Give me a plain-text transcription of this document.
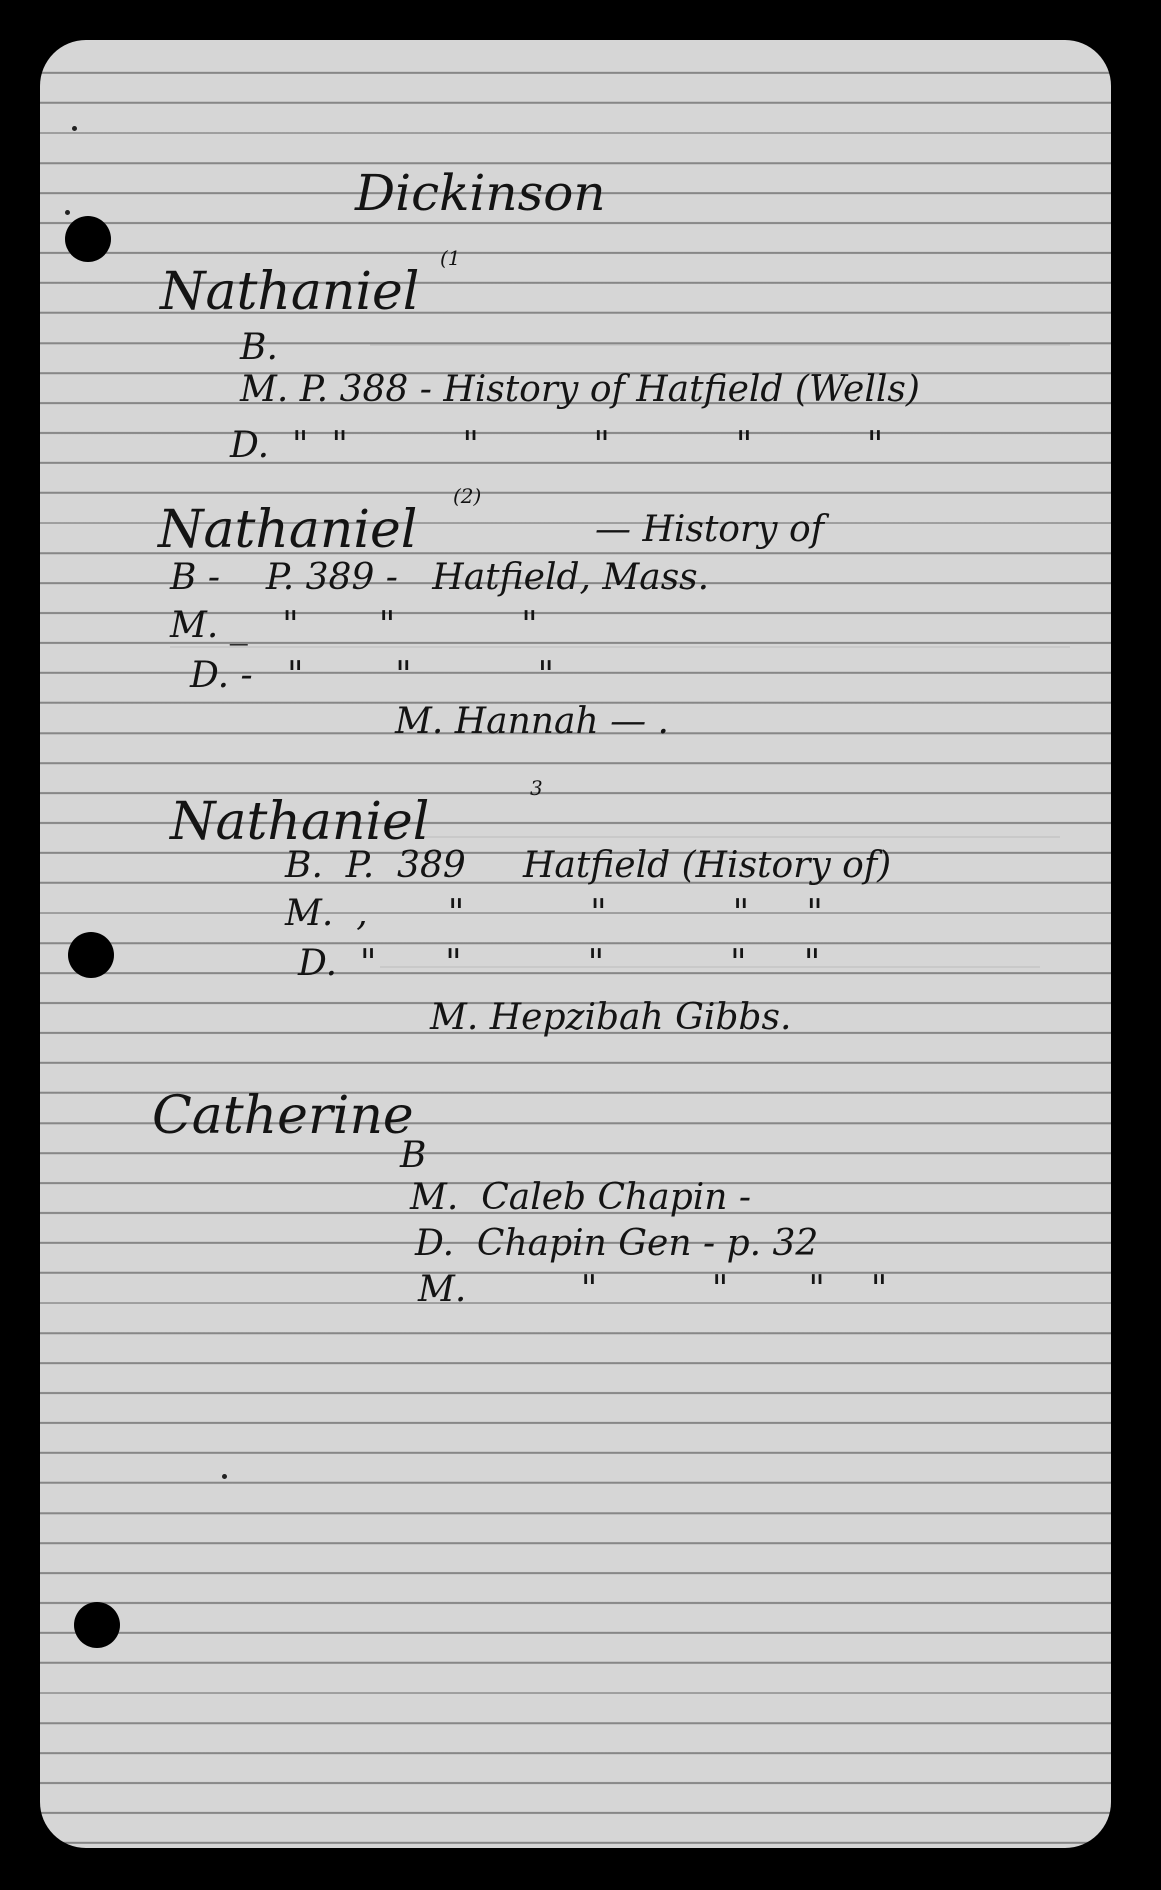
Dickinson
Nathaniel
(1
B.
M. P. 388 - History of Hatfield (Wells)
D.  "  "          "          "           "          "
Nathaniel
(2)
— History of
B -    P. 389 -   Hatfield, Mass.
M. _   "       "           "
D. -   "        "           "
M. Hannah — .
Nathaniel
3
B.  P.  389     Hatfield (History of)
M.  ,       "           "           "     "
D.  "      "           "           "     "
M. Hepzibah Gibbs.
Catherine
B
M.  Caleb Chapin -
D.  Chapin Gen - p. 32
M.          "          "       "    "
